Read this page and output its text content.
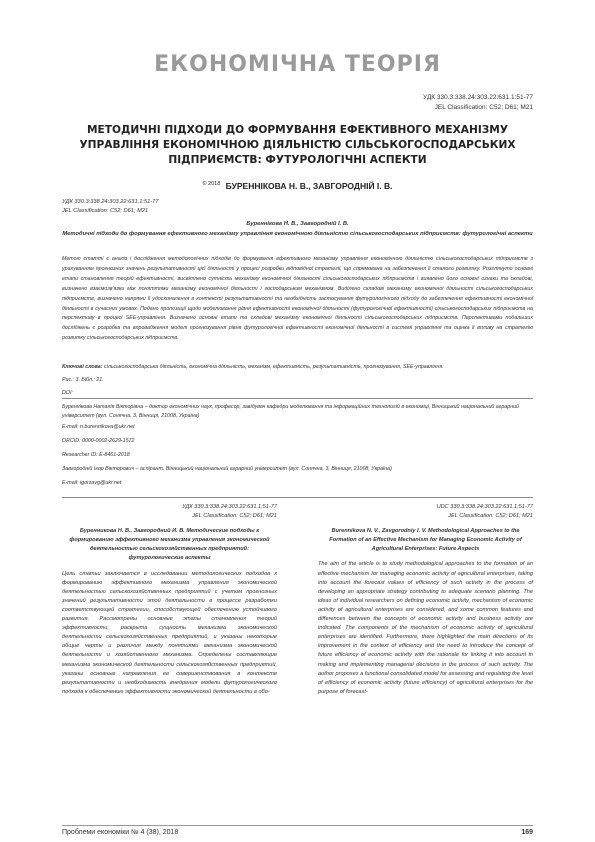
ЕКОНОМІЧНА ТЕОРІЯ
УДК 330.3:338.24:303.22:631.1:51-77
JEL Classification: C52; D61; M21
МЕТОДИЧНІ ПІДХОДИ ДО ФОРМУВАННЯ ЕФЕКТИВНОГО МЕХАНІЗМУ УПРАВЛІННЯ ЕКОНОМІЧНОЮ ДІЯЛЬНІСТЮ СІЛЬСЬКОГОСПОДАРСЬКИХ ПІДПРИЄМСТВ: ФУТУРОЛОГІЧНІ АСПЕКТИ
$^{© 2018}$ БУРЕННІКОВА Н. В., ЗАВГОРОДНІЙ І. В.
УДК 330.3:338.24:303.22:631.1:51-77
JEL Classification: C52; D61; M21
Буреннікова Н. В., Завгородній І. В.
Методичні підходи до формування ефективного механізму управління економічною діяльністю сільськогосподарських підприємств: футурологічні аспекти
Метою статті є аналіз і дослідження методологічних підходів до формування ефективного механізму управління економічною діяльністю сільськогосподарських підприємств з урахуванням прогнозних значень результативності цієї діяльності у процесі розробки відповідної стратегії, що спрямована на забезпечення її сталого розвитку. Розглянуто основні етапи становлення теорій ефективності, висвітлено сутність механізму економічної діяльності сільськогосподарських підприємств і виявлено його основні ознаки та складові, визначено взаємозв'язки між поняттями механізму економічної діяльності і господарським механізмом. Виділено складові механізму економічної діяльності сільськогосподарських підприємств, визначено напрями її удосконалення в контексті результативності та необхідність застосування футурологічного підходу до забезпечення ефективності економічної діяльності в сучасних умовах. Подано пропозиції щодо моделювання рівня ефективності економічної діяльності (футурологічної ефективності) сільськогосподарських підприємств на перспективу в процесі SEE-управління. Визначено основні етапи та складові механізму економічної діяльності сільськогосподарських підприємств. Перспективами подальших досліджень є розробка та впровадження моделі прогнозування рівня футурологічної ефективності економічної діяльності в системі управління та оцінка її впливу на стратегію розвитку сільськогосподарських підприємств.
Ключові слова: сільськогосподарська діяльність, економічна діяльність, механізм, ефективність, результативність, прогнозування, SEE-управління.
Рис.: 3. Бібл.: 21.
DOI:
Буреннікова Наталія Вікторівна – доктор економічних наук, професор, завідувач кафедри моделювання та інформаційних технологій в економіці, Вінницький національний аграрний університет (вул. Сонячна, 3, Вінниця, 21008, Україна)
E-mail: n.burennikova@ukr.net
ORCID: 0000-0002-2629-1572
Researcher ID: E-8461-2018
Завгородній Ігор Вікторович – аспірант, Вінницький національний аграрний університет (вул. Сонячна, 3, Вінниця, 21008, Україна)
E-mail: igorzavg@ukr.net
УДК 330.3:338.24:303.22:631.1:51-77
JEL Classification: C52; D61; M21
Буренникова Н. В., Завгородний И. В. Методические подходы к формированию эффективного механизма управления экономической деятельностью сельскохозяйственных предприятий: футурологические аспекты
Цель статьи заключается в исследовании методологических подходов к формированию эффективного механизма управления экономической деятельностью сельскохозяйственных предприятий с учетом прогнозных значений результативности этой деятельности в процессе разработки соответствующей стратегии, способствующей обеспечению устойчивого развития. Рассмотрены основные этапы становления теорий эффективности, раскрыта сущность механизма экономической деятельности сельскохозяйственных предприятий, и указаны некоторые общие черты и различия между понятиями механизма экономической деятельности и хозяйственного механизма. Определены составляющие механизма экономической деятельности сельскохозяйственных предприятий, указаны основные направления ее совершенствования в контексте результативности и необходимость внедрения модели футурологического подхода к обеспечению эффективности экономической деятельности в обо-
UDC 330.3:338.24:303.22:631.1:51-77
JEL Classification: C52; D61; M21
Burennikova N. V., Zavgorodniy I. V. Methodological Approaches to the Formation of an Effective Mechanism for Managing Economic Activity of Agricultural Enterprises: Future Aspects
The aim of the article is to study methodological approaches to the formation of an effective mechanism for managing economic activity of agricultural enterprises, taking into account the forecast values of efficiency of such activity in the process of developing an appropriate strategy contributing to adequate scenario planning. The ideas of individual researchers on defining economic activity, mechanism of economic activity of agricultural enterprises are considered, and some common features and differences between the concepts of economic activity and business activity are indicated. The components of the mechanism of economic activity of agricultural enterprises are identified. Furthermore, there highlighted the main directions of its improvement in the context of efficiency and the need to introduce the concept of future efficiency of economic activity with the rationale for linking it into account in making and implementing managerial decisions in the process of such activity. The author proposes a functional consolidated model for assessing and regulating the level of efficiency of economic activity (future efficiency) of agricultural enterprises for the purpose of forecast-
Проблеми економіки № 4 (38), 2018	169
